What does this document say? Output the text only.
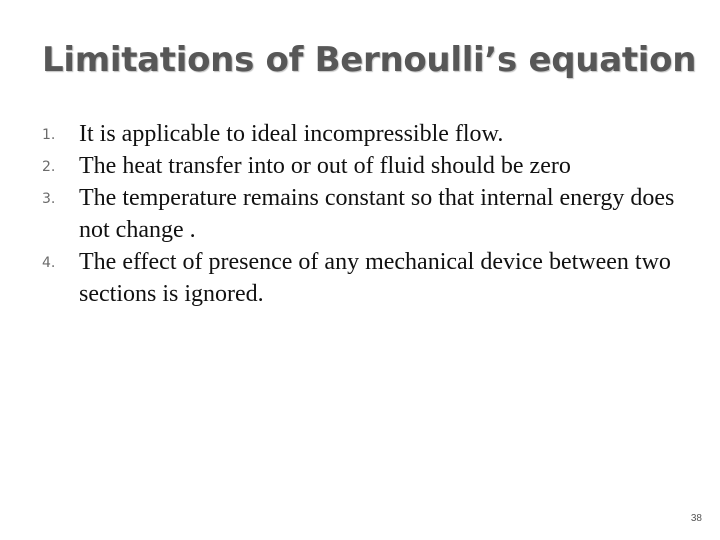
Limitations of Bernoulli’s equation
1. It is applicable to ideal incompressible flow.
2. The heat transfer into or out of fluid should be zero
3. The temperature remains constant so that internal energy does not change .
4. The effect of presence of any mechanical device between two sections is ignored.
38
